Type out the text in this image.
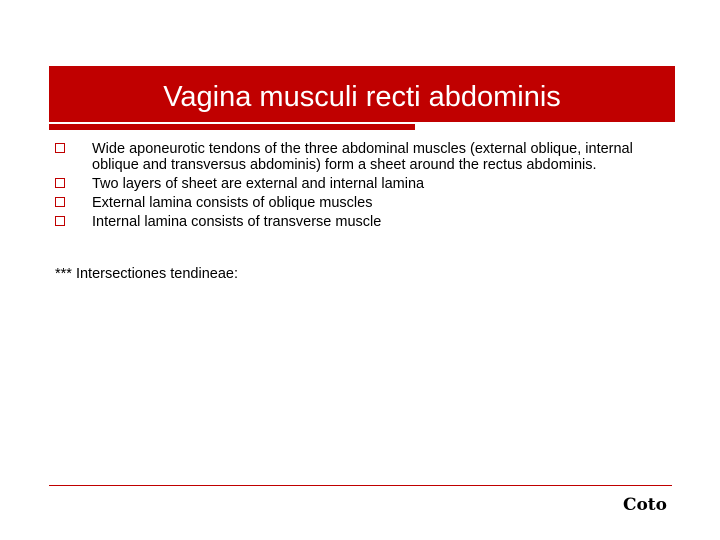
Vagina musculi recti abdominis
Wide aponeurotic tendons of the three abdominal muscles (external oblique, internal oblique and transversus abdominis) form a sheet around the rectus abdominis.
Two layers of sheet are external and internal lamina
External lamina consists of oblique muscles
Internal lamina consists of transverse muscle
*** Intersectiones tendineae:
Coto
